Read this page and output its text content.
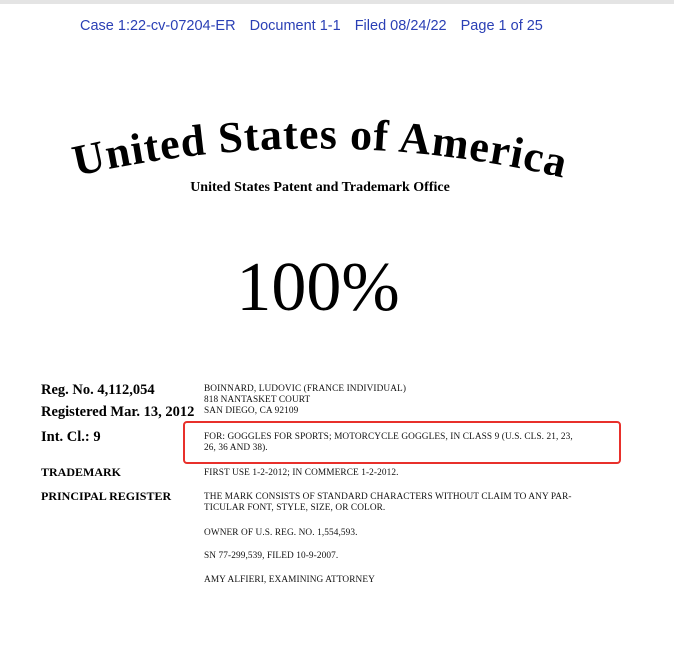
Case 1:22-cv-07204-ER Document 1-1 Filed 08/24/22 Page 1 of 25
United States of America
United States Patent and Trademark Office
100%
Reg. No. 4,112,054
Registered Mar. 13, 2012
Int. Cl.: 9
TRADEMARK
PRINCIPAL REGISTER
BOINNARD, LUDOVIC (FRANCE INDIVIDUAL)
818 NANTASKET COURT
SAN DIEGO, CA 92109
FOR: GOGGLES FOR SPORTS; MOTORCYCLE GOGGLES, IN CLASS 9 (U.S. CLS. 21, 23,
26, 36 AND 38).
FIRST USE 1-2-2012; IN COMMERCE 1-2-2012.
THE MARK CONSISTS OF STANDARD CHARACTERS WITHOUT CLAIM TO ANY PAR-
TICULAR FONT, STYLE, SIZE, OR COLOR.
OWNER OF U.S. REG. NO. 1,554,593.
SN 77-299,539, FILED 10-9-2007.
AMY ALFIERI, EXAMINING ATTORNEY
